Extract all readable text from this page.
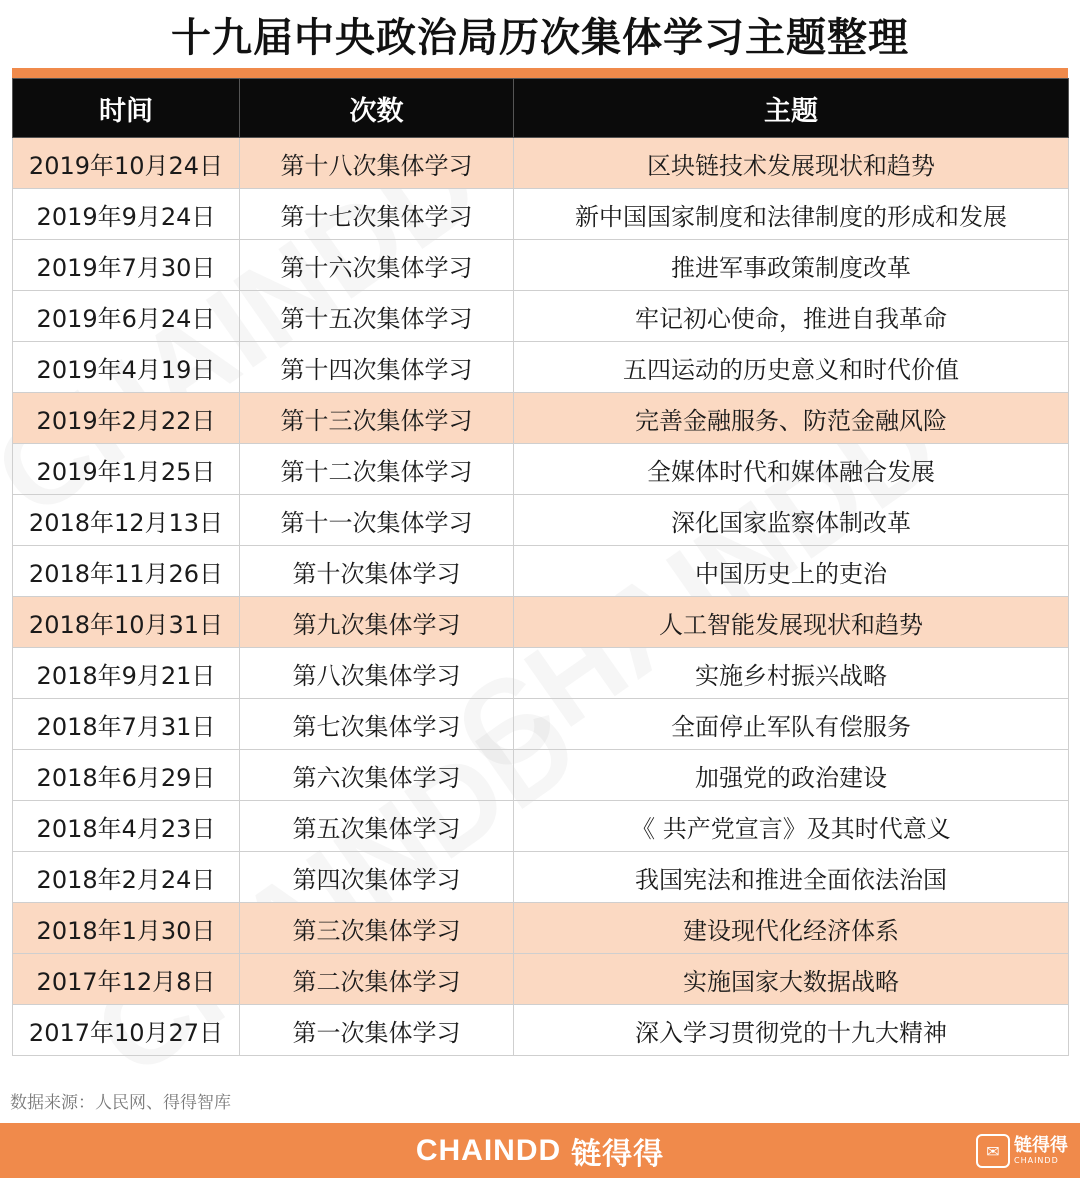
十九届中央政治局历次集体学习主题整理
时间	次数	主题
2019年10月24日	第十八次集体学习	区块链技术发展现状和趋势
2019年9月24日	第十七次集体学习	新中国国家制度和法律制度的形成和发展
2019年7月30日	第十六次集体学习	推进军事政策制度改革
2019年6月24日	第十五次集体学习	牢记初心使命，推进自我革命
2019年4月19日	第十四次集体学习	五四运动的历史意义和时代价值
2019年2月22日	第十三次集体学习	完善金融服务、防范金融风险
2019年1月25日	第十二次集体学习	全媒体时代和媒体融合发展
2018年12月13日	第十一次集体学习	深化国家监察体制改革
2018年11月26日	第十次集体学习	中国历史上的吏治
2018年10月31日	第九次集体学习	人工智能发展现状和趋势
2018年9月21日	第八次集体学习	实施乡村振兴战略
2018年7月31日	第七次集体学习	全面停止军队有偿服务
2018年6月29日	第六次集体学习	加强党的政治建设
2018年4月23日	第五次集体学习	《 共产党宣言》及其时代意义
2018年2月24日	第四次集体学习	我国宪法和推进全面依法治国
2018年1月30日	第三次集体学习	建设现代化经济体系
2017年12月8日	第二次集体学习	实施国家大数据战略
2017年10月27日	第一次集体学习	深入学习贯彻党的十九大精神
数据来源：人民网、得得智库
CHAINDD 链得得	✉ 链得得
CHAINDD
